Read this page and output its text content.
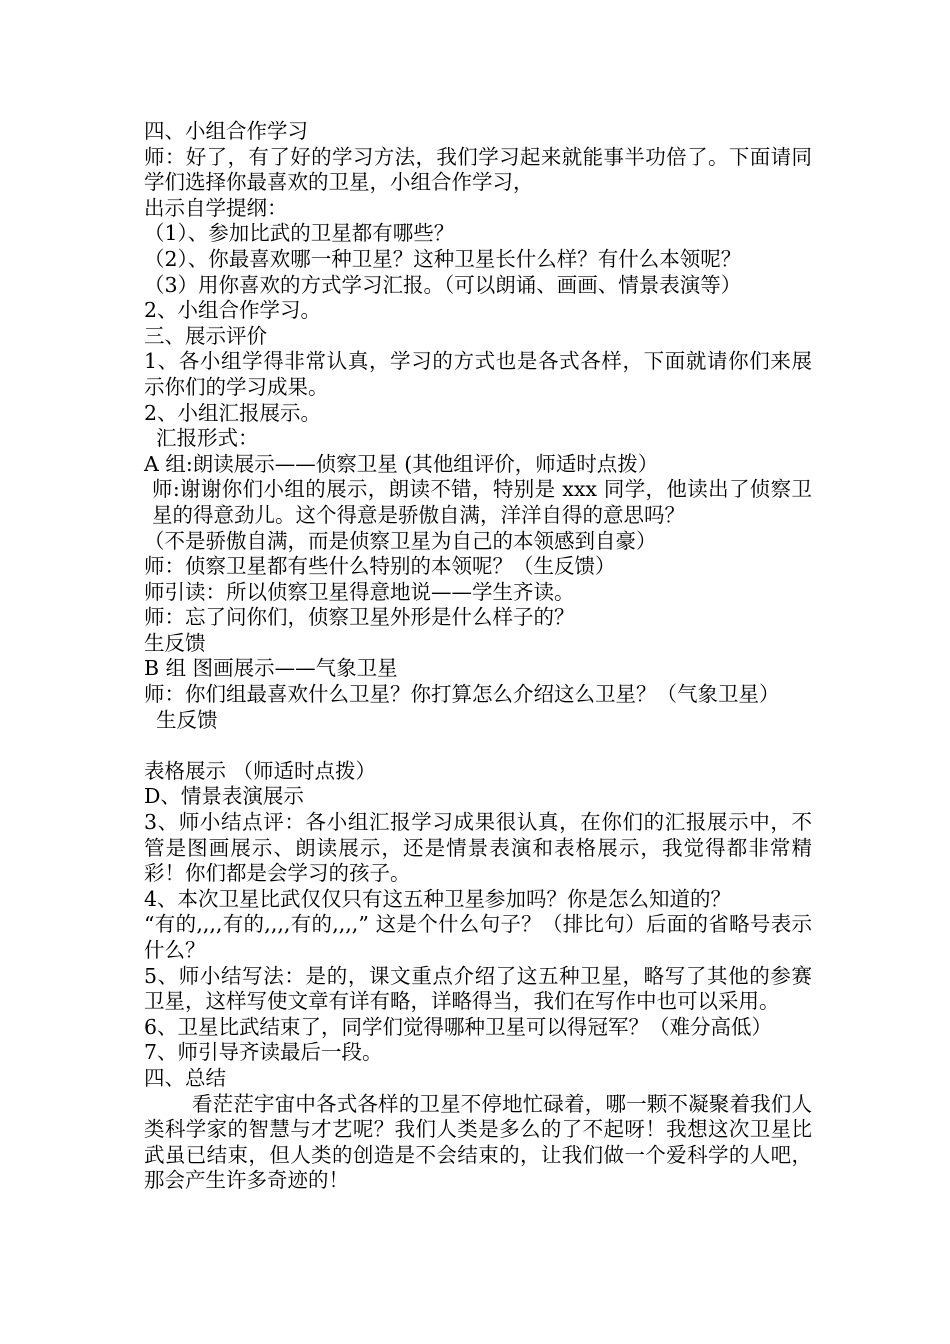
四、小组合作学习
师：好了，有了好的学习方法，我们学习起来就能事半功倍了。下面请同学们选择你最喜欢的卫星，小组合作学习，
出示自学提纲：
（1）、参加比武的卫星都有哪些？
（2）、你最喜欢哪一种卫星？这种卫星长什么样？有什么本领呢？
（3）用你喜欢的方式学习汇报。（可以朗诵、画画、情景表演等）
2、小组合作学习。
三、展示评价
1、各小组学得非常认真，学习的方式也是各式各样，下面就请你们来展示你们的学习成果。
2、小组汇报展示。
汇报形式：
A 组:朗读展示——侦察卫星 (其他组评价，师适时点拨）
师:谢谢你们小组的展示，朗读不错，特别是 xxx 同学，他读出了侦察卫星的得意劲儿。这个得意是骄傲自满，洋洋自得的意思吗？
（不是骄傲自满，而是侦察卫星为自己的本领感到自豪）
师：侦察卫星都有些什么特别的本领呢？（生反馈）
师引读：所以侦察卫星得意地说——学生齐读。
师：忘了问你们，侦察卫星外形是什么样子的？
生反馈
B 组 图画展示——气象卫星
师：你们组最喜欢什么卫星？你打算怎么介绍这么卫星？（气象卫星）
生反馈
表格展示 （师适时点拨）
D、情景表演展示
3、师小结点评：各小组汇报学习成果很认真，在你们的汇报展示中，不管是图画展示、朗读展示，还是情景表演和表格展示，我觉得都非常精彩！你们都是会学习的孩子。
4、本次卫星比武仅仅只有这五种卫星参加吗？你是怎么知道的？
“有的,,,,有的,,,,有的,,,,” 这是个什么句子？（排比句）后面的省略号表示什么？
5、师小结写法：是的，课文重点介绍了这五种卫星，略写了其他的参赛卫星，这样写使文章有详有略，详略得当，我们在写作中也可以采用。
6、卫星比武结束了，同学们觉得哪种卫星可以得冠军？（难分高低）
7、师引导齐读最后一段。
四、总结
看茫茫宇宙中各式各样的卫星不停地忙碌着，哪一颗不凝聚着我们人类科学家的智慧与才艺呢？我们人类是多么的了不起呀！我想这次卫星比武虽已结束，但人类的创造是不会结束的，让我们做一个爱科学的人吧，那会产生许多奇迹的！
